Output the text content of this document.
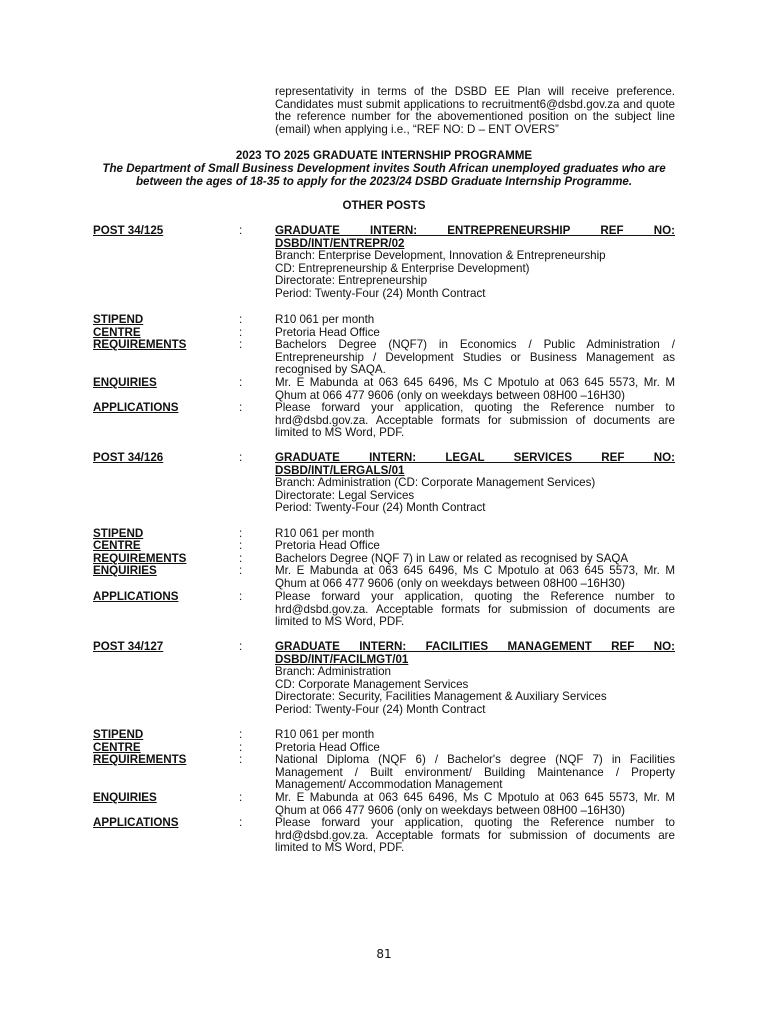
representativity in terms of the DSBD EE Plan will receive preference. Candidates must submit applications to recruitment6@dsbd.gov.za and quote the reference number for the abovementioned position on the subject line (email) when applying i.e., “REF NO: D – ENT OVERS”
2023 TO 2025 GRADUATE INTERNSHIP PROGRAMME
The Department of Small Business Development invites South African unemployed graduates who are
between the ages of 18-35 to apply for the 2023/24 DSBD Graduate Internship Programme.
OTHER POSTS
POST 34/125	:	GRADUATE INTERN: ENTREPRENEURSHIP REF NO: DSBD/INT/ENTREPR/02

Branch: Enterprise Development, Innovation & Entrepreneurship

CD: Entrepreneurship & Enterprise Development)

Directorate: Entrepreneurship

Period: Twenty-Four (24) Month Contract

STIPEND	:	R10 061 per month
CENTRE	:	Pretoria Head Office
REQUIREMENTS	:	Bachelors Degree (NQF7) in Economics / Public Administration / Entrepreneurship / Development Studies or Business Management as recognised by SAQA.
ENQUIRIES	:	Mr. E Mabunda at 063 645 6496, Ms C Mpotulo at 063 645 5573, Mr. M Qhum at 066 477 9606 (only on weekdays between 08H00 –16H30)
APPLICATIONS	:	Please forward your application, quoting the Reference number to hrd@dsbd.gov.za. Acceptable formats for submission of documents are limited to MS Word, PDF.
POST 34/126	:	GRADUATE INTERN: LEGAL SERVICES REF NO: DSBD/INT/LERGALS/01

Branch: Administration (CD: Corporate Management Services)

Directorate: Legal Services

Period: Twenty-Four (24) Month Contract

STIPEND	:	R10 061 per month
CENTRE	:	Pretoria Head Office
REQUIREMENTS	:	Bachelors Degree (NQF 7) in Law or related as recognised by SAQA
ENQUIRIES	:	Mr. E Mabunda at 063 645 6496, Ms C Mpotulo at 063 645 5573, Mr. M Qhum at 066 477 9606 (only on weekdays between 08H00 –16H30)
APPLICATIONS	:	Please forward your application, quoting the Reference number to hrd@dsbd.gov.za. Acceptable formats for submission of documents are limited to MS Word, PDF.
POST 34/127	:	GRADUATE INTERN: FACILITIES MANAGEMENT REF NO: DSBD/INT/FACILMGT/01

Branch: Administration

CD: Corporate Management Services

Directorate: Security, Facilities Management & Auxiliary Services

Period: Twenty-Four (24) Month Contract

STIPEND	:	R10 061 per month
CENTRE	:	Pretoria Head Office
REQUIREMENTS	:	National Diploma (NQF 6) / Bachelor's degree (NQF 7) in Facilities Management / Built environment/ Building Maintenance / Property Management/ Accommodation Management
ENQUIRIES	:	Mr. E Mabunda at 063 645 6496, Ms C Mpotulo at 063 645 5573, Mr. M Qhum at 066 477 9606 (only on weekdays between 08H00 –16H30)
APPLICATIONS	:	Please forward your application, quoting the Reference number to hrd@dsbd.gov.za. Acceptable formats for submission of documents are limited to MS Word, PDF.
81
